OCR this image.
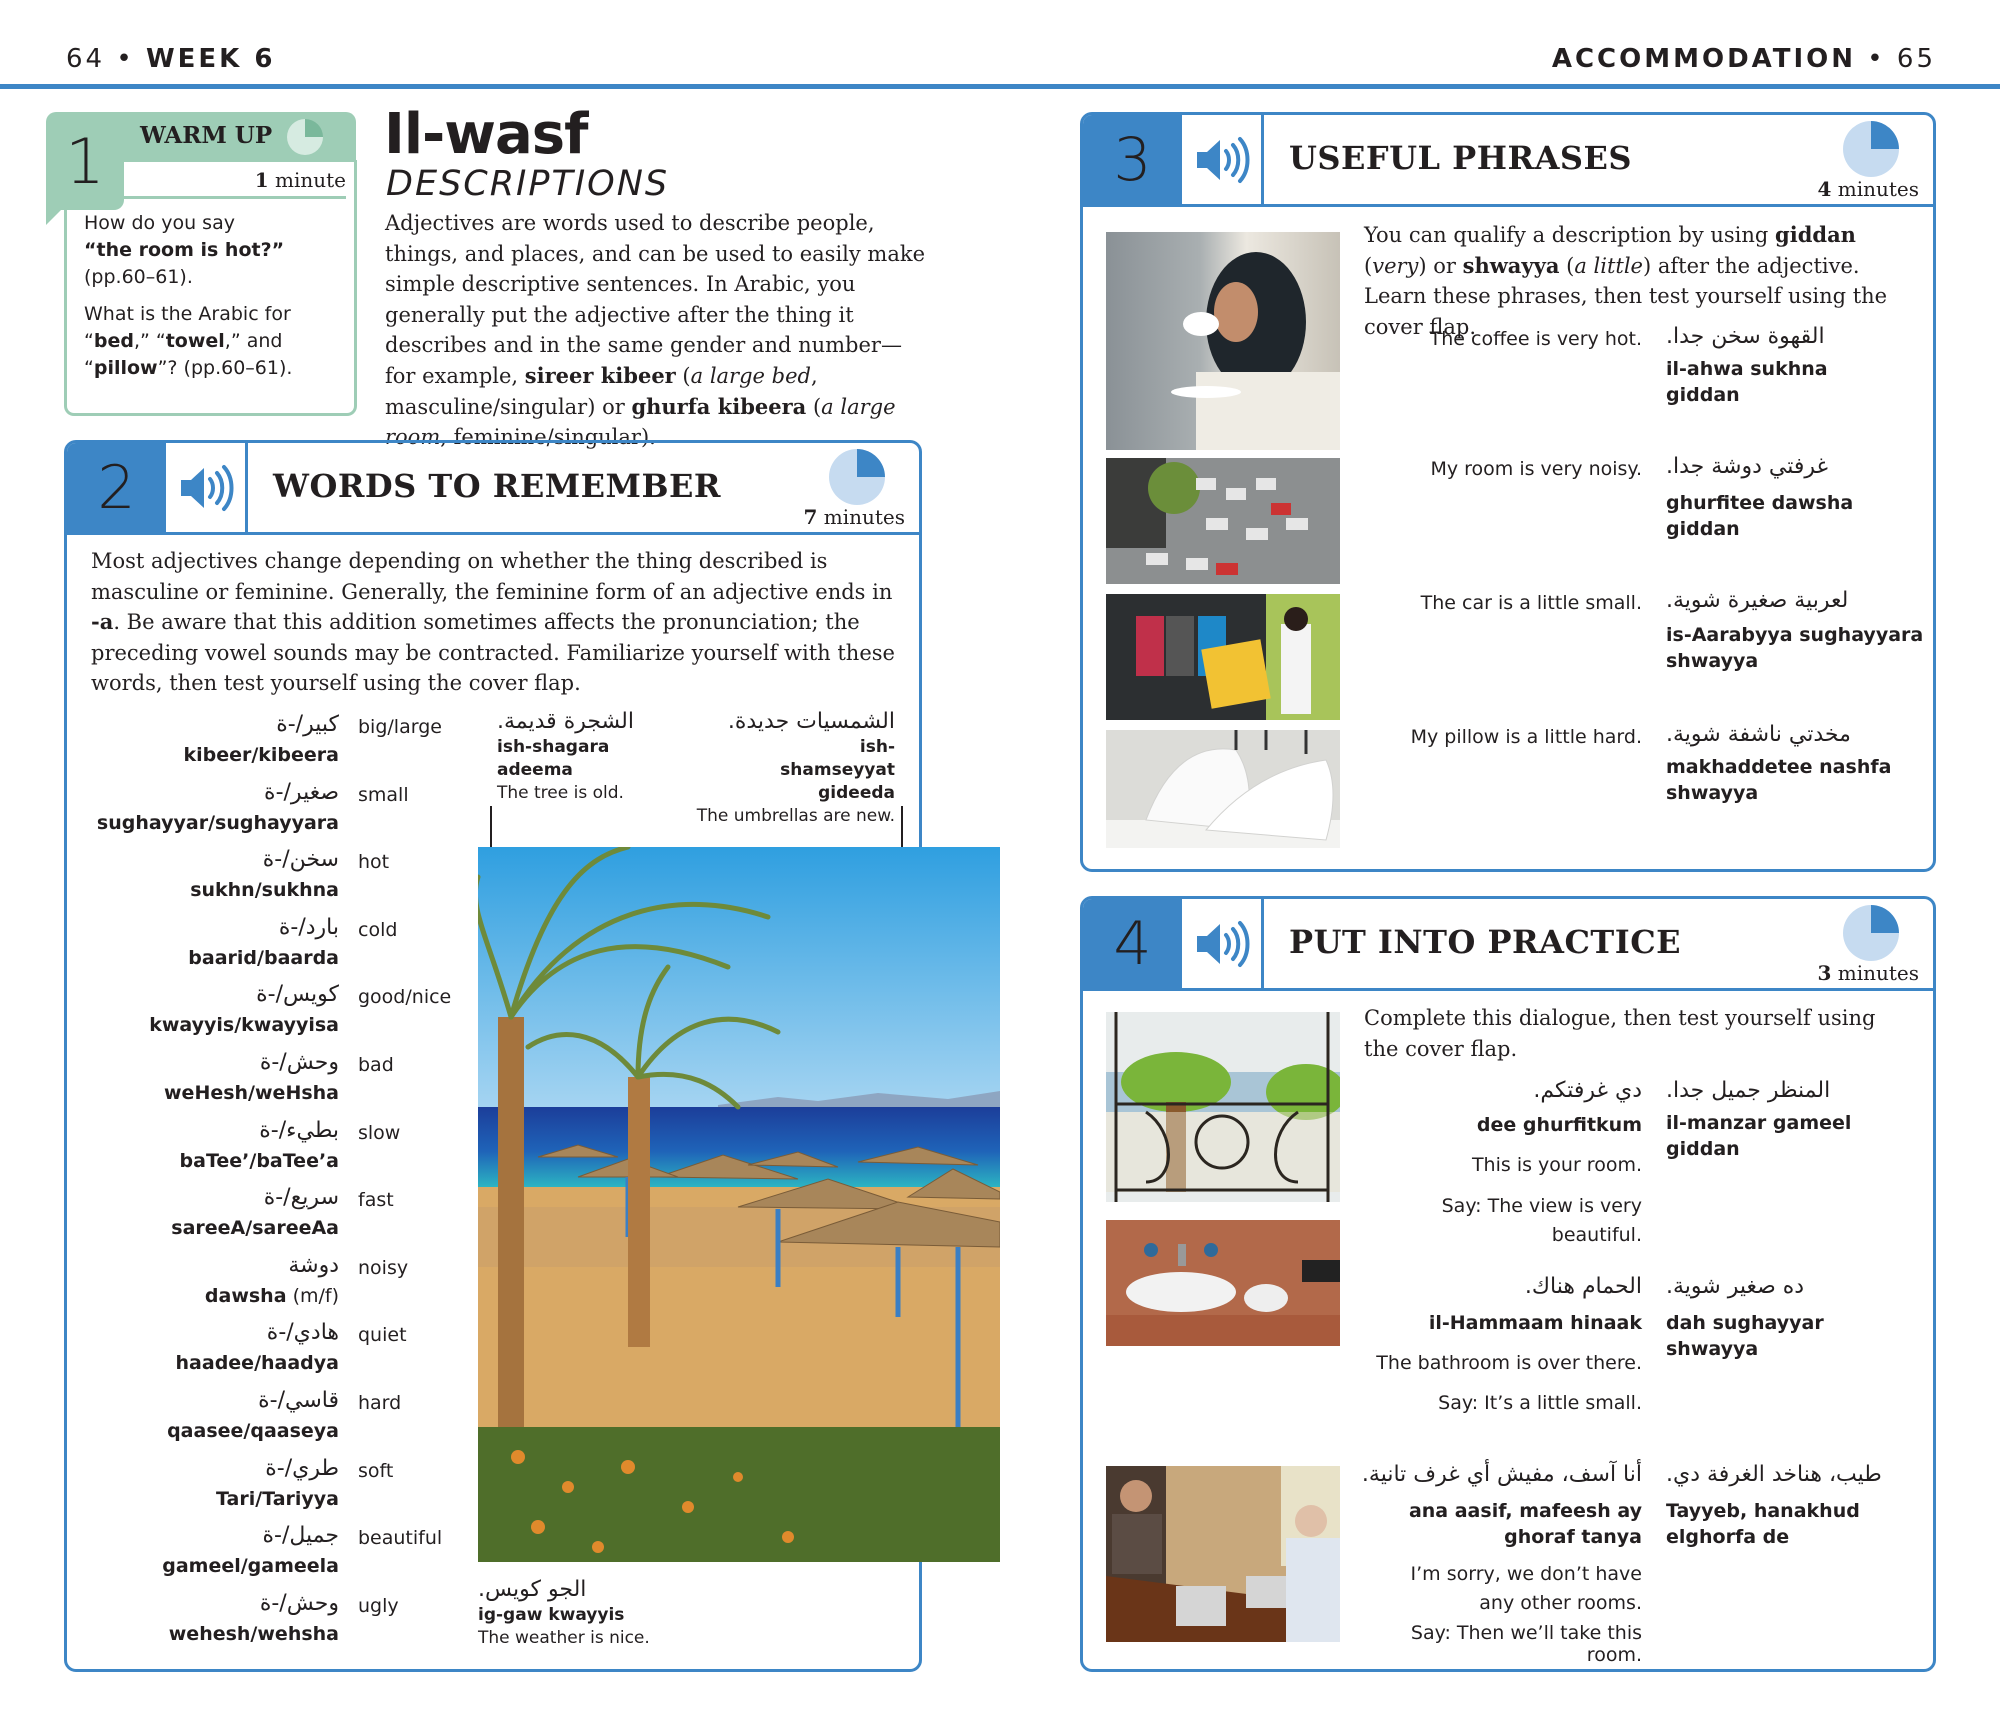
64 • WEEK 6	ACCOMMODATION • 65
1	WARM UP
1 minute

How do you say
“the room is hot?”
(pp.60–61).

What is the Arabic for “bed,” “towel,” and “pillow”? (pp.60–61).

Il-wasf
DESCRIPTIONS
Adjectives are words used to describe people, things, and places, and can be used to easily make simple descriptive sentences. In Arabic, you generally put the adjective after the thing it describes and in the same gender and number—for example, sireer kibeer (a large bed, masculine/singular) or ghurfa kibeera (a large room, feminine/singular).
2	WORDS TO REMEMBER
7 minutes
Most adjectives change depending on whether the thing described is masculine or feminine. Generally, the feminine form of an adjective ends in -a. Be aware that this addition sometimes affects the pronunciation; the preceding vowel sounds may be contracted. Familiarize yourself with these words, then test yourself using the cover flap.
كبير/-ة big/large
kibeer/kibeera
صغير/-ة small
sughayyar/sughayyara
سخن/-ة hot
sukhn/sukhna
بارد/-ة cold
baarid/baarda
كويس/-ة good/nice
kwayyis/kwayyisa
وحش/-ة bad
weHesh/weHsha
بطيء/-ة slow
baTee’/baTee’a
سريع/-ة fast
sareeA/sareeAa
دوشة noisy
dawsha (m/f)
هادي/-ة quiet
haadee/haadya
قاسي/-ة hard
qaasee/qaaseya
طري/-ة soft
Tari/Tariyya
جميل/-ة beautiful
gameel/gameela
وحش/-ة ugly
wehesh/wehsha
الشجرة قديمة.
ish-shagara adeema
The tree is old.
الشمسيات جديدة.
ish-shamseyyat gideeda
The umbrellas are new.
الجو كويس.
ig-gaw kwayyis
The weather is nice.
3	USEFUL PHRASES
4 minutes
You can qualify a description by using giddan (very) or shwayya (a little) after the adjective. Learn these phrases, then test yourself using the cover flap.
The coffee is very hot. القهوة سخن جدا.
il-ahwa sukhna giddan
My room is very noisy. غرفتي دوشة جدا.
ghurfitee dawsha giddan
The car is a little small. لعربية صغيرة شوية.
is-Aarabyya sughayyara shwayya
My pillow is a little hard. مخدتي ناشفة شوية.
makhaddetee nashfa shwayya
4	PUT INTO PRACTICE
3 minutes
Complete this dialogue, then test yourself using the cover flap.
دي غرفتكم.
dee ghurfitkum
This is your room.
Say: The view is very beautiful.
المنظر جميل جدا.
il-manzar gameel giddan
الحمام هناك.
il-Hammaam hinaak
The bathroom is over there.
Say: It’s a little small.
ده صغير شوية.
dah sughayyar shwayya
أنا آسف، مفيش أي غرف تانية.
ana aasif, mafeesh ay ghoraf tanya
I’m sorry, we don’t have any other rooms.
Say: Then we’ll take this room.
طيب، هناخد الغرفة دي.
Tayyeb, hanakhud elghorfa de
